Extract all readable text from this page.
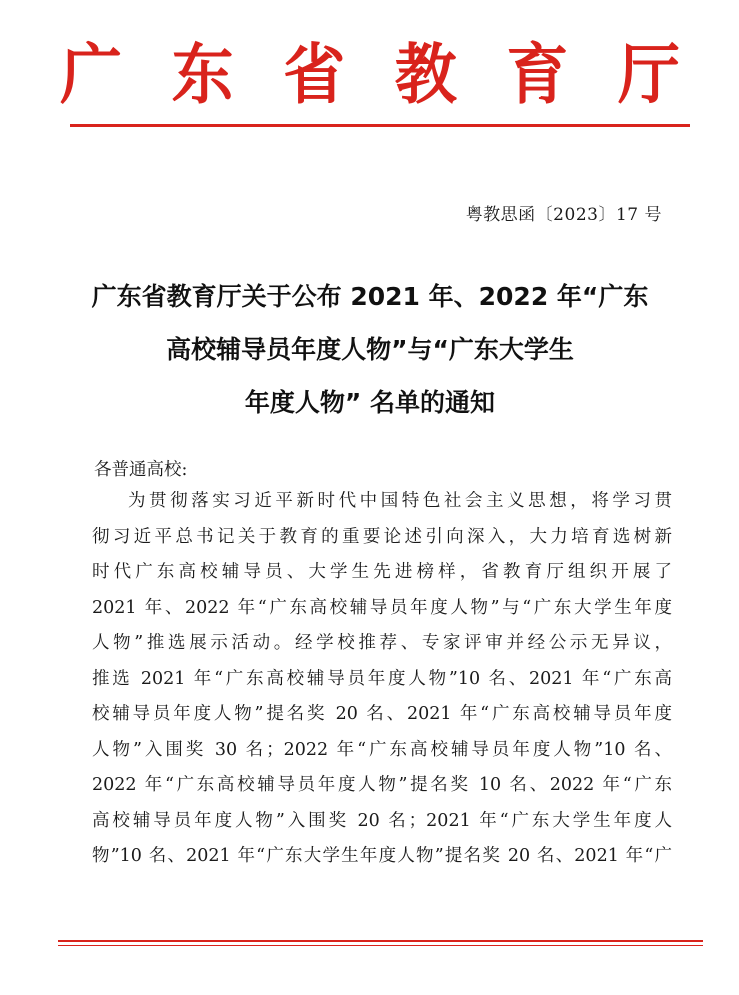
广 东 省 教 育 厅
粤教思函〔2023〕17 号
广东省教育厅关于公布 2021 年、2022 年“广东
高校辅导员年度人物”与“广东大学生
年度人物” 名单的通知
各普通高校:
为贯彻落实习近平新时代中国特色社会主义思想，将学习贯
彻习近平总书记关于教育的重要论述引向深入，大力培育选树新
时代广东高校辅导员、大学生先进榜样，省教育厅组织开展了
2021 年、2022 年“广东高校辅导员年度人物”与“广东大学生年度
人物”推选展示活动。经学校推荐、专家评审并经公示无异议，
推选 2021 年“广东高校辅导员年度人物”10 名、2021 年“广东高
校辅导员年度人物”提名奖 20 名、2021 年“广东高校辅导员年度
人物”入围奖 30 名；2022 年“广东高校辅导员年度人物”10 名、
2022 年“广东高校辅导员年度人物”提名奖 10 名、2022 年“广东
高校辅导员年度人物”入围奖 20 名；2021 年“广东大学生年度人
物”10 名、2021 年“广东大学生年度人物”提名奖 20 名、2021 年“广
